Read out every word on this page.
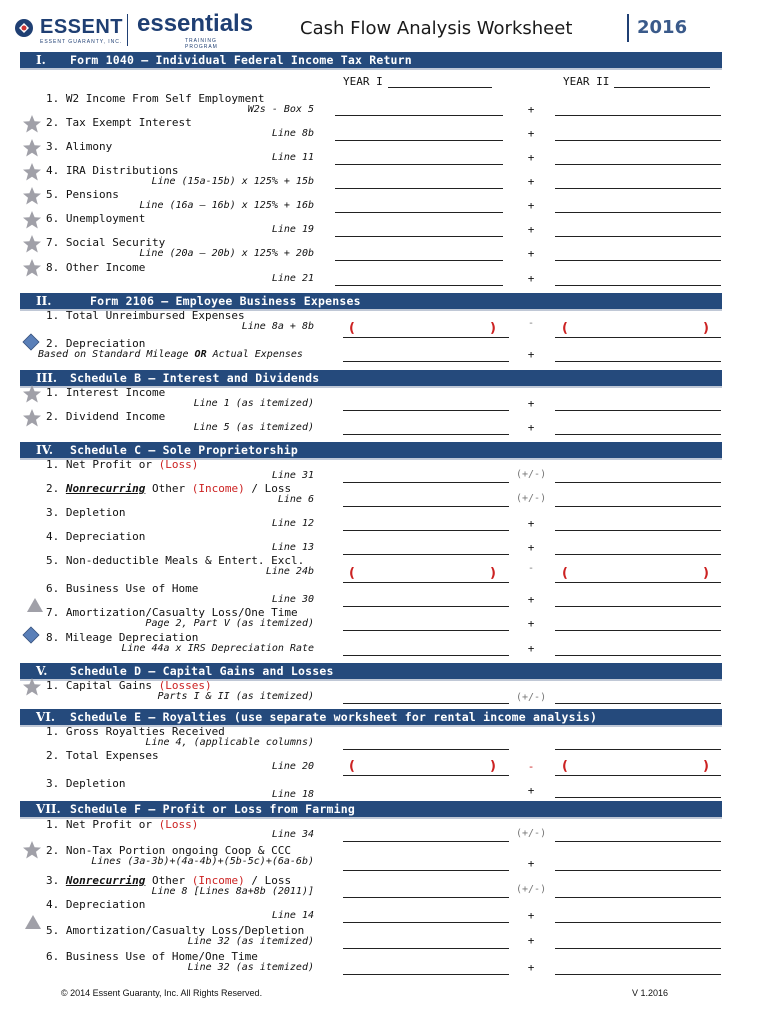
ESSENT
ESSENT GUARANTY, INC.
essentials
TRAINING PROGRAM
Cash Flow Analysis Worksheet	2016
I. Form 1040 – Individual Federal Income Tax Return
YEAR I	YEAR II
1. W2 Income From Self Employment
W2s - Box 5	+
2. Tax Exempt Interest
Line 8b	+
3. Alimony
Line 11	+
4. IRA Distributions
Line (15a-15b) x 125% + 15b	+
5. Pensions
Line (16a – 16b) x 125% + 16b	+
6. Unemployment
Line 19	+
7. Social Security
Line (20a – 20b) x 125% + 20b	+
8. Other Income
Line 21	+
II.	Form 2106 – Employee Business Expenses
1. Total Unreimbursed Expenses
Line 8a + 8b	(	)	-	(	)
2. Depreciation
Based on Standard Mileage OR Actual Expenses	+
III. Schedule B – Interest and Dividends
1. Interest Income
Line 1 (as itemized)	+
2. Dividend Income
Line 5 (as itemized)	+
IV. Schedule C – Sole Proprietorship
1. Net Profit or (Loss)
Line 31	(+/-)
2. Nonrecurring Other (Income) / Loss
Line 6	(+/-)
3. Depletion
Line 12	+
4. Depreciation
Line 13	+
5. Non-deductible Meals & Entert. Excl.
Line 24b	(	)	-	(	)
6. Business Use of Home
Line 30	+
7. Amortization/Casualty Loss/One Time
Page 2, Part V (as itemized)	+
8. Mileage Depreciation
Line 44a x IRS Depreciation Rate	+
V. Schedule D – Capital Gains and Losses
1. Capital Gains (Losses)
Parts I & II (as itemized)	(+/-)
VI. Schedule E – Royalties (use separate worksheet for rental income analysis)
1. Gross Royalties Received
Line 4, (applicable columns)
2. Total Expenses
Line 20	(	)	-	(	)
3. Depletion
Line 18	+
VII. Schedule F – Profit or Loss from Farming
1. Net Profit or (Loss)
Line 34	(+/-)
2. Non-Tax Portion ongoing Coop & CCC
Lines (3a-3b)+(4a-4b)+(5b-5c)+(6a-6b)	+
3. Nonrecurring Other (Income) / Loss
Line 8 [Lines 8a+8b (2011)]	(+/-)
4. Depreciation
Line 14	+
5. Amortization/Casualty Loss/Depletion
Line 32 (as itemized)	+
6. Business Use of Home/One Time
Line 32 (as itemized)	+
© 2014 Essent Guaranty, Inc. All Rights Reserved.	V 1.2016
